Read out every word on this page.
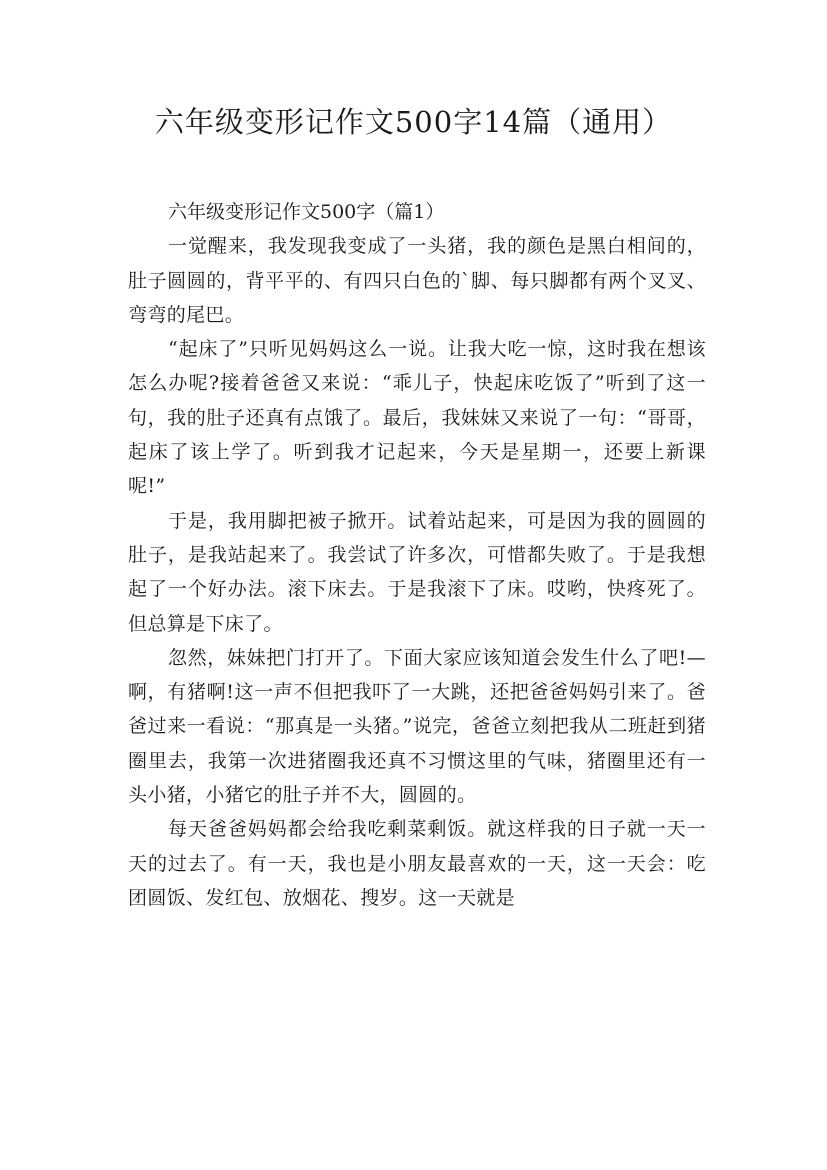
六年级变形记作文500字14篇（通用）

六年级变形记作文500字（篇1）

一觉醒来，我发现我变成了一头猪，我的颜色是黑白相间的，肚子圆圆的，背平平的、有四只白色的`脚、每只脚都有两个叉叉、弯弯的尾巴。

“起床了”只听见妈妈这么一说。让我大吃一惊，这时我在想该怎么办呢?接着爸爸又来说：“乖儿子，快起床吃饭了”听到了这一句，我的肚子还真有点饿了。最后，我妹妹又来说了一句：“哥哥，起床了该上学了。听到我才记起来，今天是星期一，还要上新课呢!”

于是，我用脚把被子掀开。试着站起来，可是因为我的圆圆的肚子，是我站起来了。我尝试了许多次，可惜都失败了。于是我想起了一个好办法。滚下床去。于是我滚下了床。哎哟，快疼死了。但总算是下床了。

忽然，妹妹把门打开了。下面大家应该知道会发生什么了吧!—啊，有猪啊!这一声不但把我吓了一大跳，还把爸爸妈妈引来了。爸爸过来一看说：“那真是一头猪。”说完，爸爸立刻把我从二班赶到猪圈里去，我第一次进猪圈我还真不习惯这里的气味，猪圈里还有一头小猪，小猪它的肚子并不大，圆圆的。

每天爸爸妈妈都会给我吃剩菜剩饭。就这样我的日子就一天一天的过去了。有一天，我也是小朋友最喜欢的一天，这一天会：吃团圆饭、发红包、放烟花、搜岁。这一天就是
